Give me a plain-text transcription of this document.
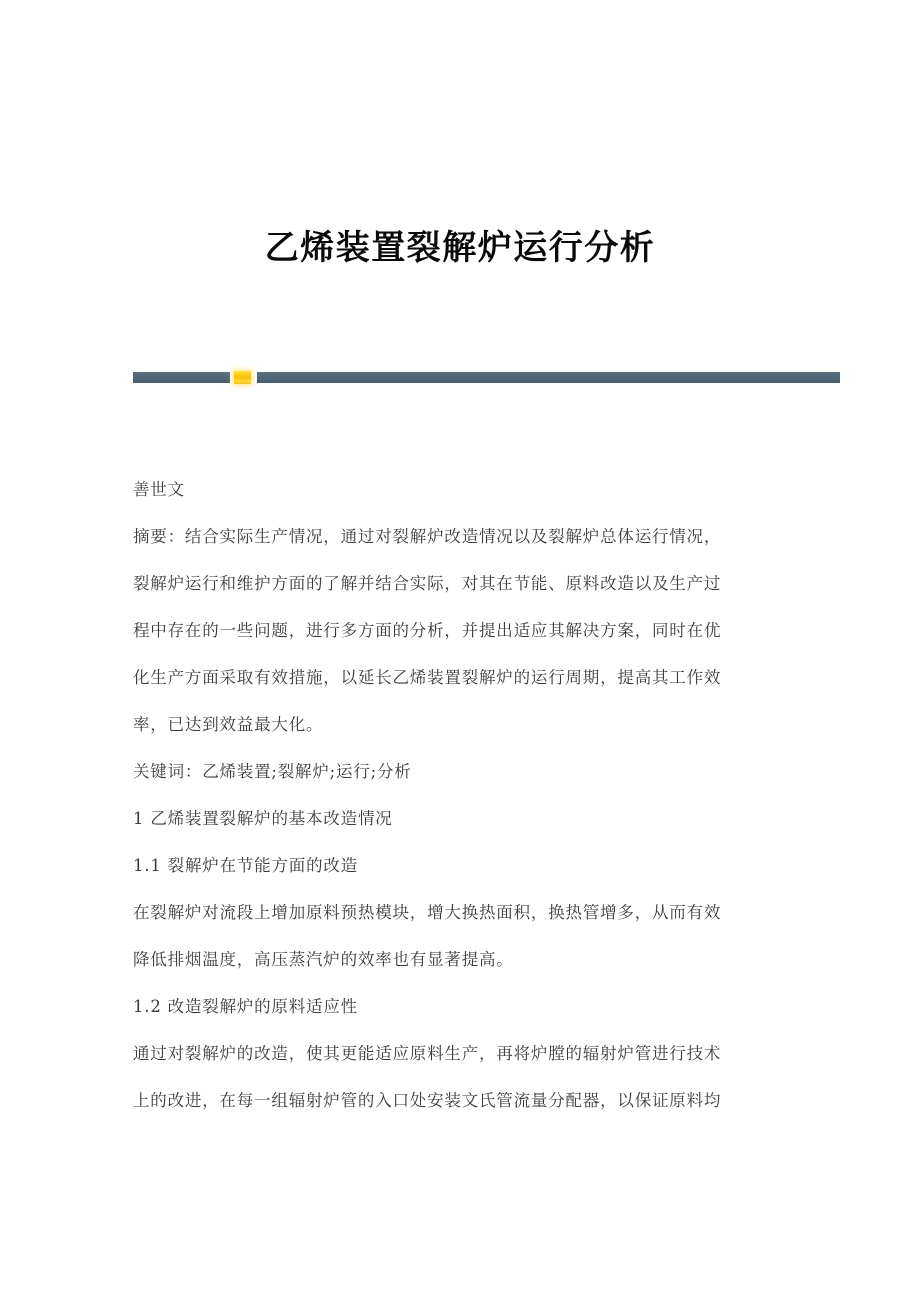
乙烯装置裂解炉运行分析
善世文
摘要：结合实际生产情况，通过对裂解炉改造情况以及裂解炉总体运行情况，
裂解炉运行和维护方面的了解并结合实际，对其在节能、原料改造以及生产过
程中存在的一些问题，进行多方面的分析，并提出适应其解决方案，同时在优
化生产方面采取有效措施，以延长乙烯装置裂解炉的运行周期，提高其工作效
率，已达到效益最大化。
关键词：乙烯装置;裂解炉;运行;分析
1 乙烯装置裂解炉的基本改造情况
1.1 裂解炉在节能方面的改造
在裂解炉对流段上增加原料预热模块，增大换热面积，换热管增多，从而有效
降低排烟温度，高压蒸汽炉的效率也有显著提高。
1.2 改造裂解炉的原料适应性
通过对裂解炉的改造，使其更能适应原料生产，再将炉膛的辐射炉管进行技术
上的改进，在每一组辐射炉管的入口处安装文氏管流量分配器，以保证原料均
